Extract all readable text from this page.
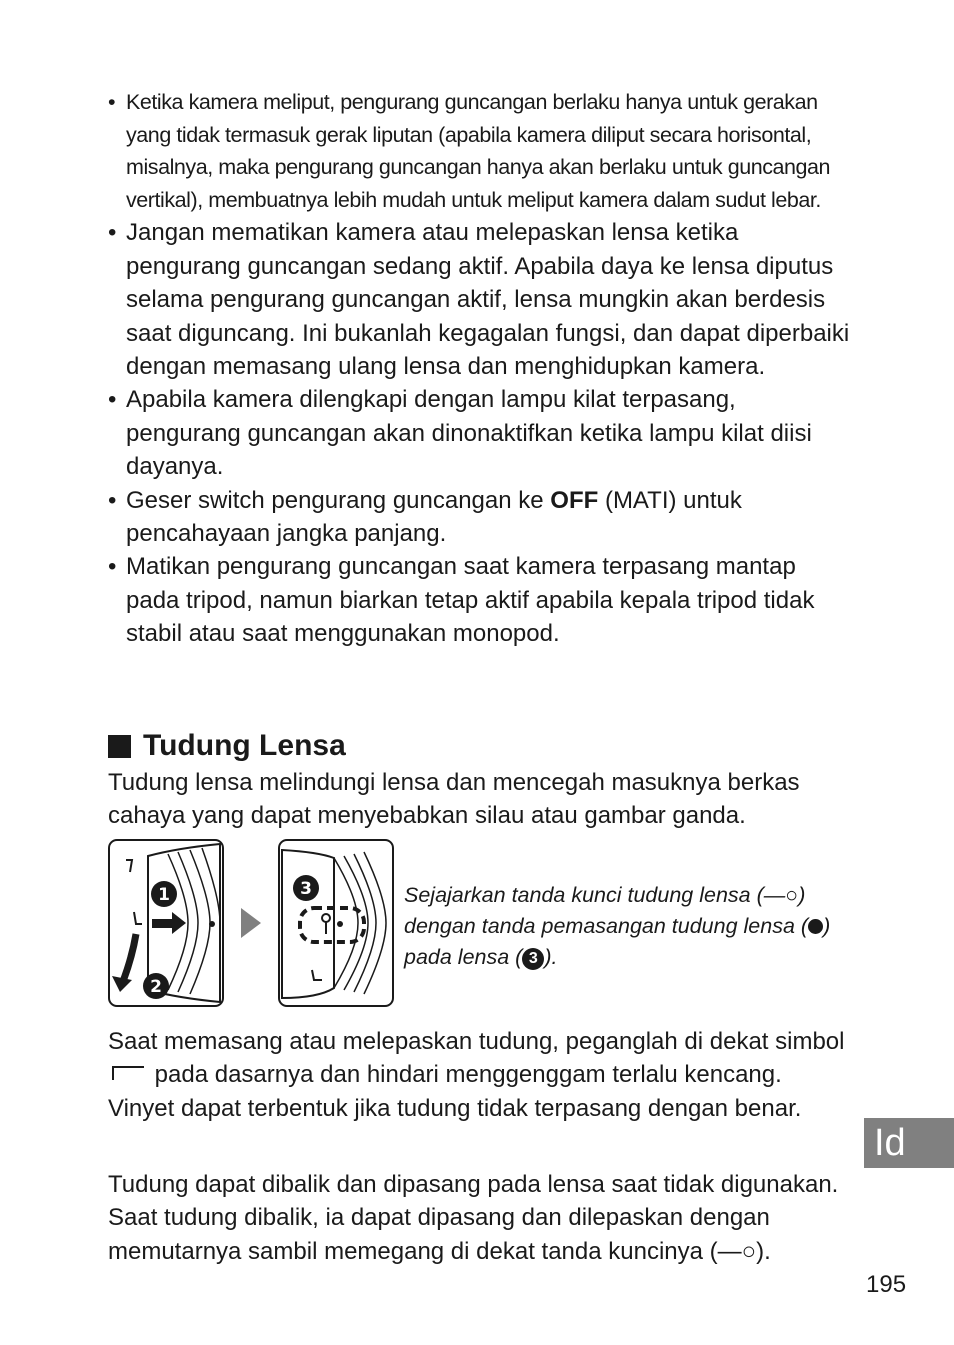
• Ketika kamera meliput, pengurang guncangan berlaku hanya untuk gerakan yang tidak termasuk gerak liputan (apabila kamera diliput secara horisontal, misalnya, maka pengurang guncangan hanya akan berlaku untuk guncangan vertikal), membuatnya lebih mudah untuk meliput kamera dalam sudut lebar.
• Jangan mematikan kamera atau melepaskan lensa ketika pengurang guncangan sedang aktif. Apabila daya ke lensa diputus selama pengurang guncangan aktif, lensa mungkin akan berdesis saat diguncang. Ini bukanlah kegagalan fungsi, dan dapat diperbaiki dengan memasang ulang lensa dan menghidupkan kamera.
• Apabila kamera dilengkapi dengan lampu kilat terpasang, pengurang guncangan akan dinonaktifkan ketika lampu kilat diisi dayanya.
• Geser switch pengurang guncangan ke OFF (MATI) untuk pencahayaan jangka panjang.
• Matikan pengurang guncangan saat kamera terpasang mantap pada tripod, namun biarkan tetap aktif apabila kepala tripod tidak stabil atau saat menggunakan monopod.
Tudung Lensa

Tudung lensa melindungi lensa dan mencegah masuknya berkas cahaya yang dapat menyebabkan silau atau gambar ganda.

1
2
3	Sejajarkan tanda kunci tudung lensa (—○) dengan tanda pemasangan tudung lensa ( ) pada lensa ( 3 ).

Saat memasang atau melepaskan tudung, peganglah di dekat simbol  pada dasarnya dan hindari menggenggam terlalu kencang. Vinyet dapat terbentuk jika tudung tidak terpasang dengan benar.

Tudung dapat dibalik dan dipasang pada lensa saat tidak digunakan. Saat tudung dibalik, ia dapat dipasang dan dilepaskan dengan memutarnya sambil memegang di dekat tanda kuncinya (—○).

Id
195
